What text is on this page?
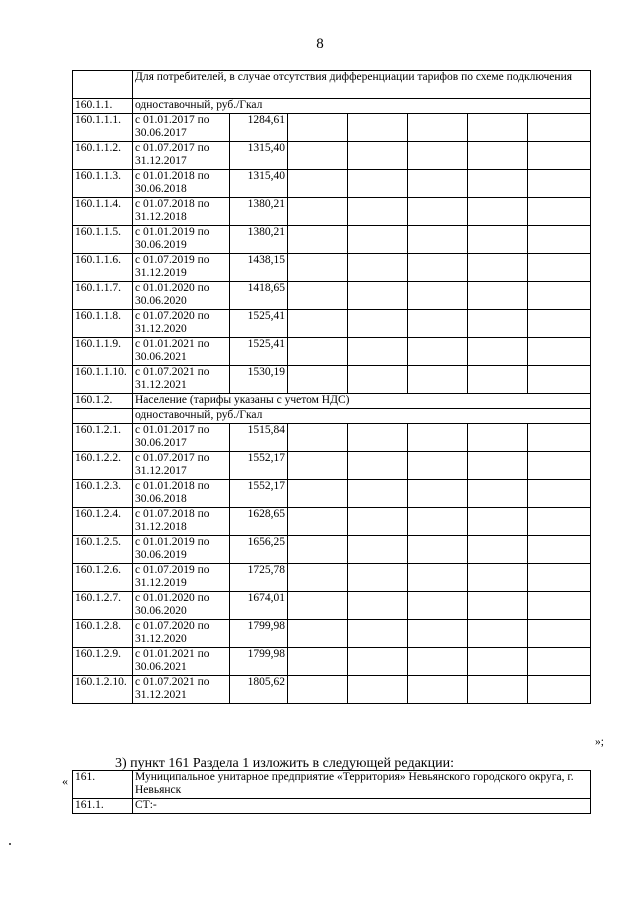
8
	Для потребителей, в случае отсутствия дифференциации тарифов по схеме подключения						
160.1.1.	одноставочный, руб./Гкал						
160.1.1.1.	с 01.01.2017 по 30.06.2017	1284,61					
160.1.1.2.	с 01.07.2017 по 31.12.2017	1315,40					
160.1.1.3.	с 01.01.2018 по 30.06.2018	1315,40					
160.1.1.4.	с 01.07.2018 по 31.12.2018	1380,21					
160.1.1.5.	с 01.01.2019 по 30.06.2019	1380,21					
160.1.1.6.	с 01.07.2019 по 31.12.2019	1438,15					
160.1.1.7.	с 01.01.2020 по 30.06.2020	1418,65					
160.1.1.8.	с 01.07.2020 по 31.12.2020	1525,41					
160.1.1.9.	с 01.01.2021 по 30.06.2021	1525,41					
160.1.1.10.	с 01.07.2021 по 31.12.2021	1530,19					
160.1.2.	Население (тарифы указаны с учетом НДС)						
	одноставочный, руб./Гкал						
160.1.2.1.	с 01.01.2017 по 30.06.2017	1515,84					
160.1.2.2.	с 01.07.2017 по 31.12.2017	1552,17					
160.1.2.3.	с 01.01.2018 по 30.06.2018	1552,17					
160.1.2.4.	с 01.07.2018 по 31.12.2018	1628,65					
160.1.2.5.	с 01.01.2019 по 30.06.2019	1656,25					
160.1.2.6.	с 01.07.2019 по 31.12.2019	1725,78					
160.1.2.7.	с 01.01.2020 по 30.06.2020	1674,01					
160.1.2.8.	с 01.07.2020 по 31.12.2020	1799,98					
160.1.2.9.	с 01.01.2021 по 30.06.2021	1799,98					
160.1.2.10.	с 01.07.2021 по 31.12.2021	1805,62					
»;
3) пункт 161 Раздела 1 изложить в следующей редакции:
« 161.	Муниципальное унитарное предприятие «Территория» Невьянского городского округа, г. Невьянск
161.1.	СТ:-
